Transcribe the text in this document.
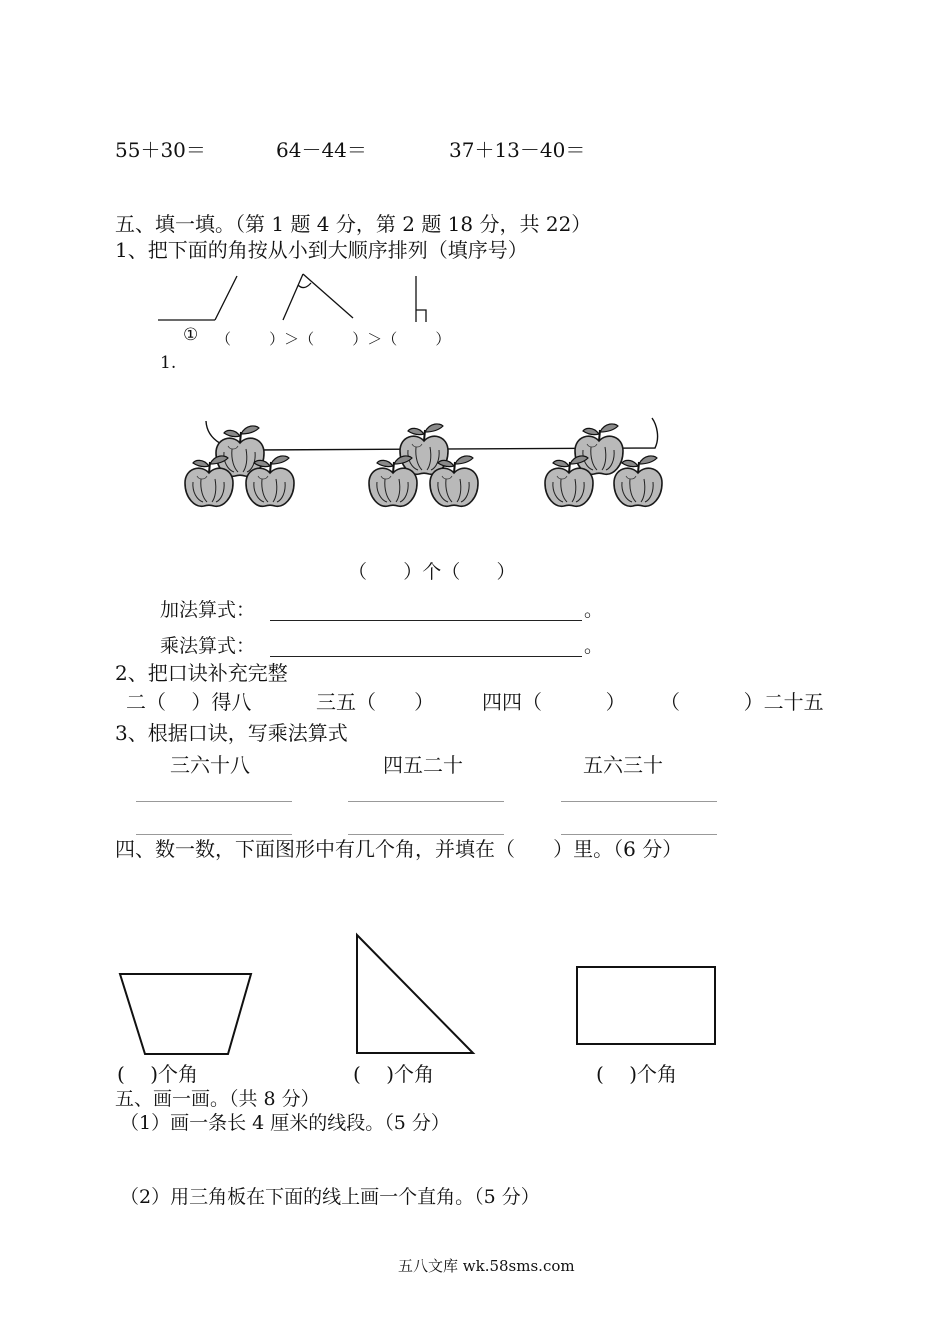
55＋30＝	64－44＝	37＋13－40＝
五、填一填。（第 1 题 4 分，第 2 题 18 分，共 22）
1、把下面的角按从小到大顺序排列（填序号）
① （        ）＞（        ）＞（        ）
1.
（      ）个（      ）
加法算式：	。
乘法算式：	。
2、把口诀补充完整
二（    ）得八	三五（      ） 四四（          ） （          ）二十五
3、根据口诀，写乘法算式
三六十八	四五二十	五六三十
四、数一数，下面图形中有几个角，并填在（      ）里。（6 分）
(    )个角	(    )个角	(    )个角
五、画一画。（共 8 分）
（1）画一条长 4 厘米的线段。（5 分）
（2）用三角板在下面的线上画一个直角。（5 分）
五八文库 wk.58sms.com
